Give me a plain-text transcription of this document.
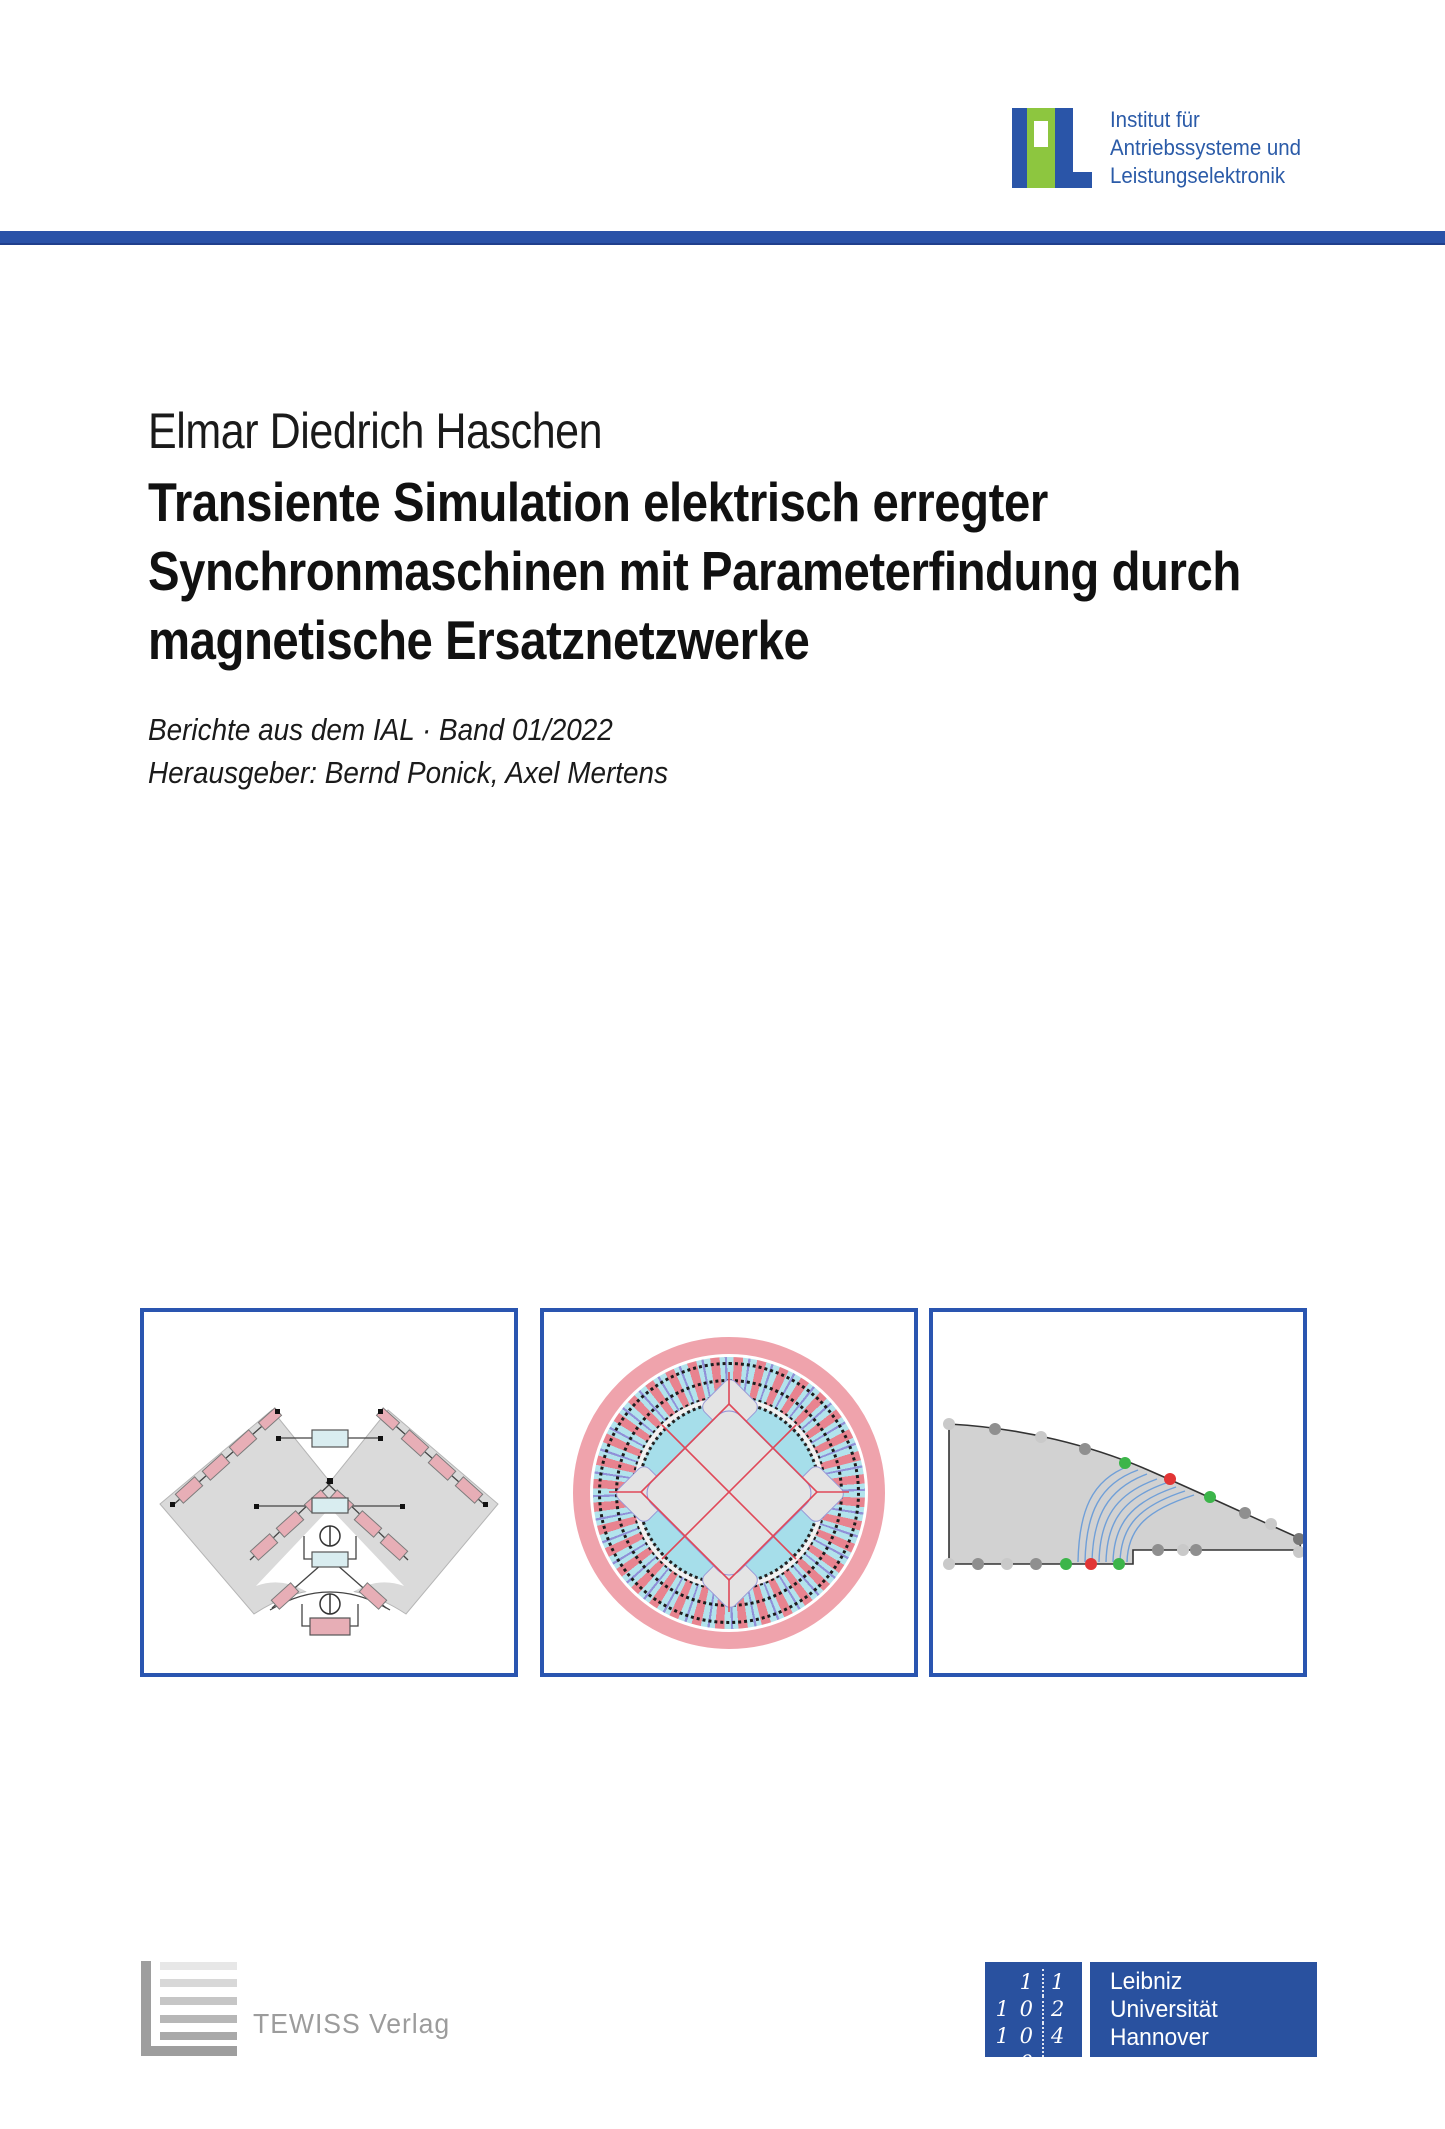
Institut für
Antriebssysteme und
Leistungselektronik
Elmar Diedrich Haschen
Transiente Simulation elektrisch erregter
Synchronmaschinen mit Parameterfindung durch
magnetische Ersatznetzwerke
Berichte aus dem IAL · Band 01/2022
Herausgeber: Bernd Ponick, Axel Mertens
TEWISS Verlag
1 1
1 0 2
1 0 0
4
Leibniz
Universität
Hannover
